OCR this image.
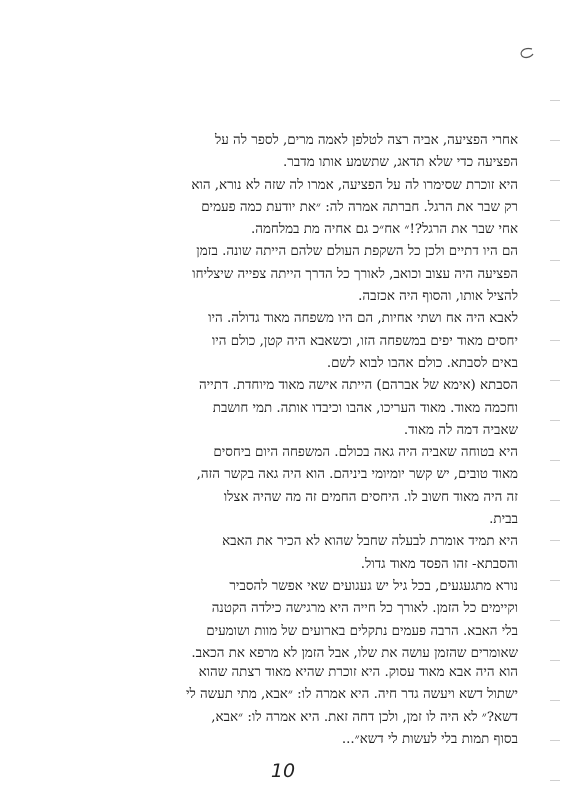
אחרי הפציעה, אביה רצה לטלפן לאמה מרים, לספר לה על
הפציעה כדי שלא תדאג, שתשמע אותו מדבר.

היא זוכרת שסימרו לה על הפציעה, אמרו לה שזה לא נורא, הוא
רק שבר את הרגל. חברתה אמרה לה: ״את יודעת כמה פעמים
אחי שבר את הרגל?!״ אח״כ גם אחיה מת במלחמה.

הם היו דתיים ולכן כל השקפת העולם שלהם הייתה שונה. בזמן
הפציעה היה עצוב וכואב, לאורך כל הדרך הייתה צפייה שיצליחו
להציל אותו, והסוף היה אכזבה.

לאבא היה אח ושתי אחיות, הם היו משפחה מאוד גדולה. היו
יחסים מאוד יפים במשפחה הזו, וכשאבא היה קטן, כולם היו
באים לסבתא. כולם אהבו לבוא לשם.

הסבתא (אימא של אברהם) הייתה אישה מאוד מיוחדת. דתייה
וחכמה מאוד. מאוד העריכו, אהבו וכיבדו אותה. תמי חושבת
שאביה דמה לה מאוד.

היא בטוחה שאביה היה גאה בכולם. המשפחה היום ביחסים
מאוד טובים, יש קשר יומיומי ביניהם. הוא היה גאה בקשר הזה,
זה היה מאוד חשוב לו. היחסים החמים זה מה שהיה אצלו
בבית.

היא תמיד אומרת לבעלה שחבל שהוא לא הכיר את האבא
והסבתא- זהו הפסד מאוד גדול.

נורא מתגעגעים, בכל גיל יש געגועים שאי אפשר להסביר
וקיימים כל הזמן. לאורך כל חייה היא מרגישה כילדה הקטנה
בלי האבא. הרבה פעמים נתקלים בארועים של מוות ושומעים
שאומרים שהזמן עושה את שלו, אבל הזמן לא מרפא את הכאב.

הוא היה אבא מאוד עסוק. היא זוכרת שהיא מאוד רצתה שהוא
ישתול דשא ויעשה גדר חיה. היא אמרה לו: ״אבא, מתי תעשה לי
דשא?״ לא היה לו זמן, ולכן דחה זאת. היא אמרה לו: ״אבא,
בסוף תמות בלי לעשות לי דשא״...

10
